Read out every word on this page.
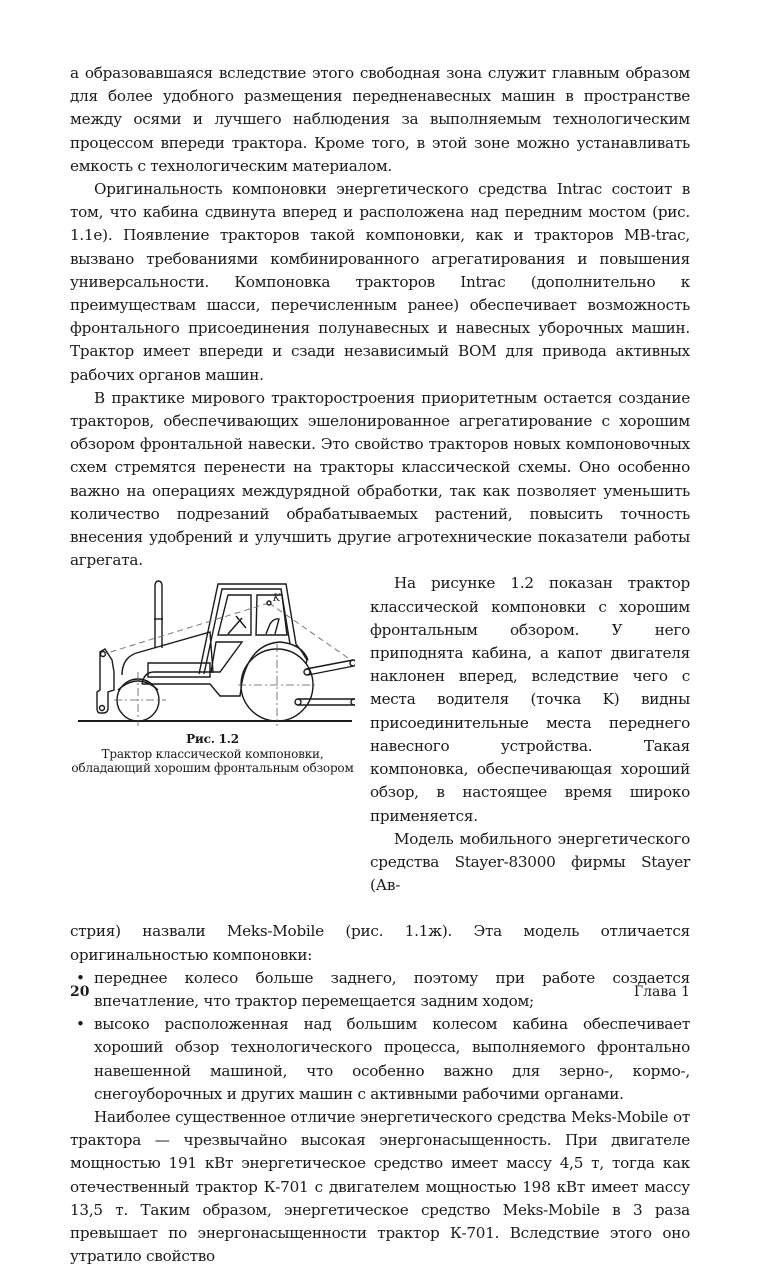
а образовавшаяся вследствие этого свободная зона служит главным образом для более удобного размещения передненавесных машин в пространстве между осями и лучшего наблюдения за выполняемым технологическим процессом впереди трактора. Кроме того, в этой зоне можно устанавливать емкость с технологическим материалом.

Оригинальность компоновки энергетического средства Intrac состоит в том, что кабина сдвинута вперед и расположена над передним мостом (рис. 1.1е). Появление тракторов такой компоновки, как и тракторов MB-trac, вызвано требованиями комбинированного агрегатирования и повышения универсальности. Компоновка тракторов Intrac (дополнительно к преимуществам шасси, перечисленным ранее) обеспечивает возможность фронтального присоединения полунавесных и навесных уборочных машин. Трактор имеет впереди и сзади независимый ВОМ для привода активных рабочих органов машин.

В практике мирового тракторостроения приоритетным остается создание тракторов, обеспечивающих эшелонированное агрегатирование с хорошим обзором фронтальной навески. Это свойство тракторов новых компоновочных схем стремятся перенести на тракторы классической схемы. Оно особенно важно на операциях междурядной обработки, так как позволяет уменьшить количество подрезаний обрабатываемых растений, повысить точность внесения удобрений и улучшить другие агротехнические показатели работы агрегата.

K
Рис. 1.2
Трактор классической компоновки, обладающий хорошим фронтальным обзором

На рисунке 1.2 показан трактор классической компоновки с хорошим фронтальным обзором. У него приподнята кабина, а капот двигателя наклонен вперед, вследствие чего с места водителя (точка K) видны присоединительные места переднего навесного устройства. Такая компоновка, обеспечивающая хороший обзор, в настоящее время широко применяется.

Модель мобильного энергетического средства Stayer-83000 фирмы Stayer (Ав-

стрия) назвали Meks-Mobile (рис. 1.1ж). Эта модель отличается оригинальностью компоновки:

• переднее колесо больше заднего, поэтому при работе создается впечатление, что трактор перемещается задним ходом;
• высоко расположенная над большим колесом кабина обеспечивает хороший обзор технологического процесса, выполняемого фронтально навешенной машиной, что особенно важно для зерно-, кормо-, снегоуборочных и других машин с активными рабочими органами.

Наиболее существенное отличие энергетического средства Meks-Mobile от трактора — чрезвычайно высокая энергонасыщенность. При двигателе мощностью 191 кВт энергетическое средство имеет массу 4,5 т, тогда как отечественный трактор К-701 с двигателем мощностью 198 кВт имеет массу 13,5 т. Таким образом, энергетическое средство Meks-Mobile в 3 раза превышает по энергонасыщенности трактор К-701. Вследствие этого оно утратило свойство

20	Глава 1
